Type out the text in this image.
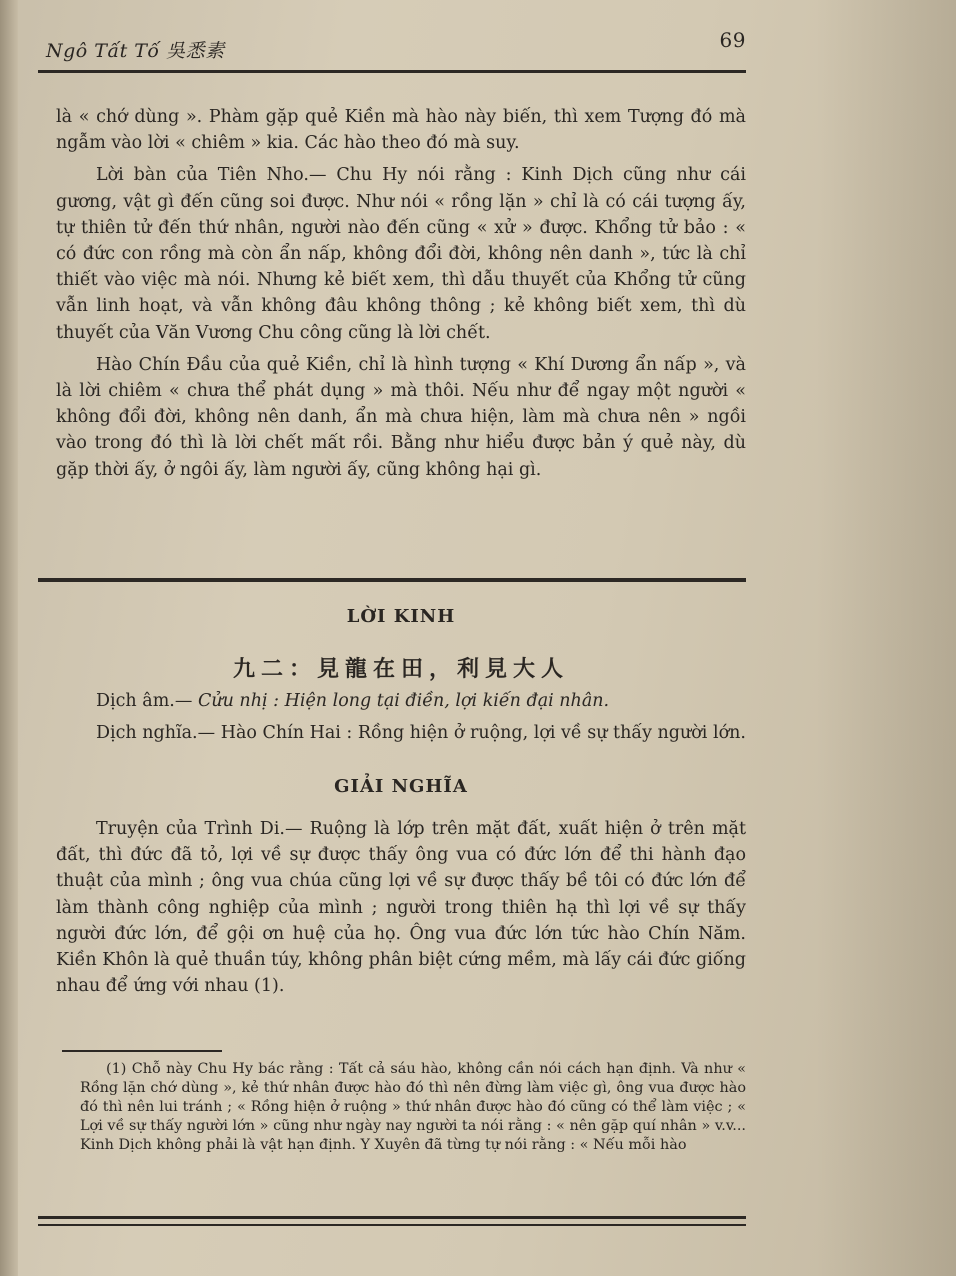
Ngô Tất Tố 吳悉素	69

là « chớ dùng ». Phàm gặp quẻ Kiền mà hào này biến, thì xem Tượng đó mà ngẫm vào lời « chiêm » kia. Các hào theo đó mà suy.

Lời bàn của Tiên Nho.— Chu Hy nói rằng : Kinh Dịch cũng như cái gương, vật gì đến cũng soi được. Như nói « rồng lặn » chỉ là có cái tượng ấy, tự thiên tử đến thứ nhân, người nào đến cũng « xử » được. Khổng tử bảo : « có đức con rồng mà còn ẩn nấp, không đổi đời, không nên danh », tức là chỉ thiết vào việc mà nói. Nhưng kẻ biết xem, thì dẫu thuyết của Khổng tử cũng vẫn linh hoạt, và vẫn không đâu không thông ; kẻ không biết xem, thì dù thuyết của Văn Vương Chu công cũng là lời chết.

Hào Chín Đầu của quẻ Kiền, chỉ là hình tượng « Khí Dương ẩn nấp », và là lời chiêm « chưa thể phát dụng » mà thôi. Nếu như để ngay một người « không đổi đời, không nên danh, ẩn mà chưa hiện, làm mà chưa nên » ngồi vào trong đó thì là lời chết mất rồi. Bằng như hiểu được bản ý quẻ này, dù gặp thời ấy, ở ngôi ấy, làm người ấy, cũng không hại gì.

LỜI KINH
九二：見龍在田，利見大人

Dịch âm.— Cửu nhị : Hiện long tại điền, lợi kiến đại nhân.

Dịch nghĩa.— Hào Chín Hai : Rồng hiện ở ruộng, lợi về sự thấy người lớn.

GIẢI NGHĨA

Truyện của Trình Di.— Ruộng là lớp trên mặt đất, xuất hiện ở trên mặt đất, thì đức đã tỏ, lợi về sự được thấy ông vua có đức lớn để thi hành đạo thuật của mình ; ông vua chúa cũng lợi về sự được thấy bề tôi có đức lớn để làm thành công nghiệp của mình ; người trong thiên hạ thì lợi về sự thấy người đức lớn, để gội ơn huệ của họ. Ông vua đức lớn tức hào Chín Năm. Kiền Khôn là quẻ thuần túy, không phân biệt cứng mềm, mà lấy cái đức giống nhau để ứng với nhau (1).

(1) Chỗ này Chu Hy bác rằng : Tất cả sáu hào, không cần nói cách hạn định. Và như « Rồng lặn chớ dùng », kẻ thứ nhân được hào đó thì nên đừng làm việc gì, ông vua được hào đó thì nên lui tránh ; « Rồng hiện ở ruộng » thứ nhân được hào đó cũng có thể làm việc ; « Lợi về sự thấy người lớn » cũng như ngày nay người ta nói rằng : « nên gặp quí nhân » v.v... Kinh Dịch không phải là vật hạn định. Y Xuyên đã từng tự nói rằng : « Nếu mỗi hào
